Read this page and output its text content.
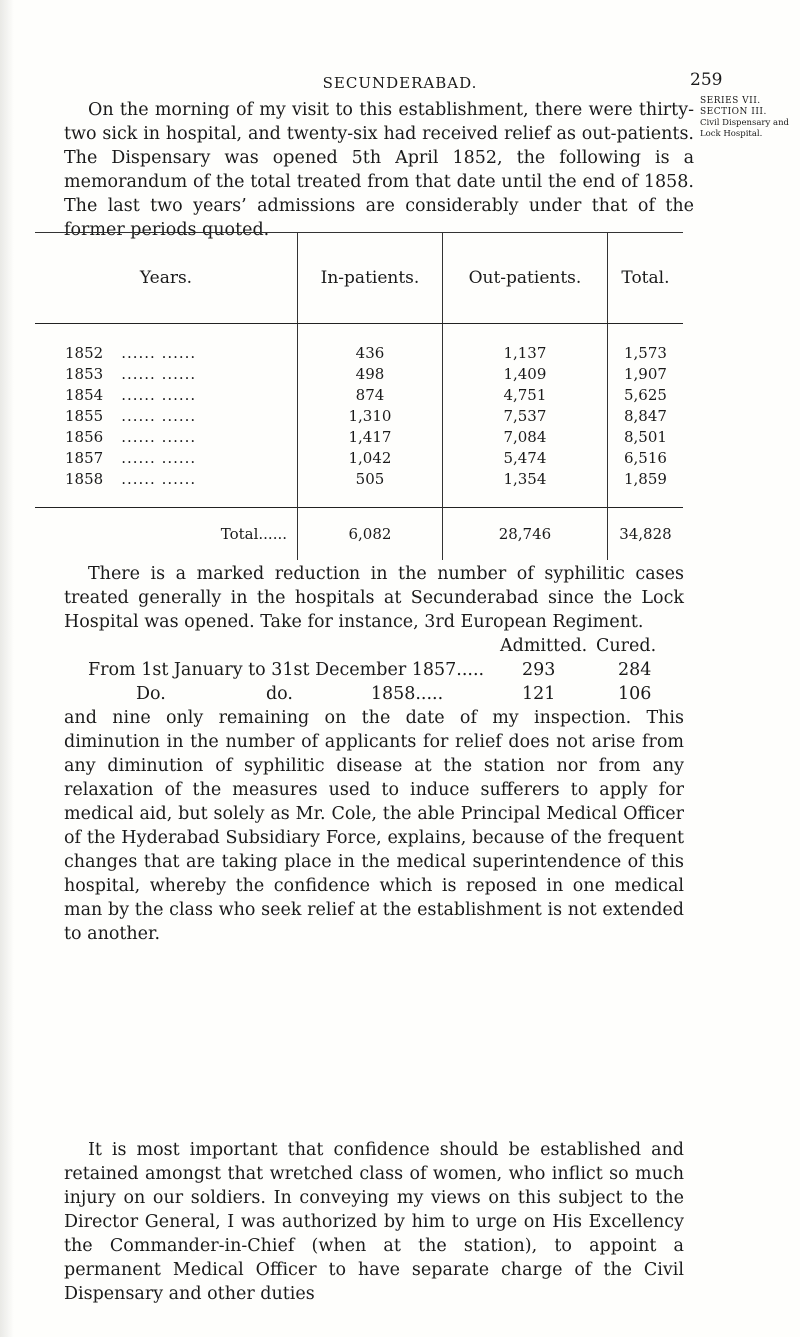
SECUNDERABAD.	259
SERIES VII.
SECTION III.
Civil Dispensary and Lock Hospital.

On the morning of my visit to this establishment, there were thirty-two sick in hospital, and twenty-six had received relief as out-patients. The Dispensary was opened 5th April 1852, the following is a memorandum of the total treated from that date until the end of 1858. The last two years’ admissions are considerably under that of the former periods quoted.

Years.	In-patients.	Out-patients.	Total.

1852 ...... ......	436	1,137	1,573
1853 ...... ......	498	1,409	1,907
1854 ...... ......	874	4,751	5,625
1855 ...... ......	1,310	7,537	8,847
1856 ...... ......	1,417	7,084	8,501
1857 ...... ......	1,042	5,474	6,516
1858 ...... ......	505	1,354	1,859

Total......	6,082	28,746	34,828

There is a marked reduction in the number of syphilitic cases treated generally in the hospitals at Secunderabad since the Lock Hospital was opened. Take for instance, 3rd European Regiment.

Admitted. Cured.
From 1st January to 31st December 1857..... 293	284
Do.                  do.              1858.....	121	106

and nine only remaining on the date of my inspection. This diminution in the number of applicants for relief does not arise from any diminution of syphilitic disease at the station nor from any relaxation of the measures used to induce sufferers to apply for medical aid, but solely as Mr. Cole, the able Principal Medical Officer of the Hyderabad Subsidiary Force, explains, because of the frequent changes that are taking place in the medical superintendence of this hospital, whereby the confidence which is reposed in one medical man by the class who seek relief at the establishment is not extended to another.

It is most important that confidence should be established and retained amongst that wretched class of women, who inflict so much injury on our soldiers. In conveying my views on this subject to the Director General, I was authorized by him to urge on His Excellency the Commander-in-Chief (when at the station), to appoint a permanent Medical Officer to have separate charge of the Civil Dispensary and other duties
